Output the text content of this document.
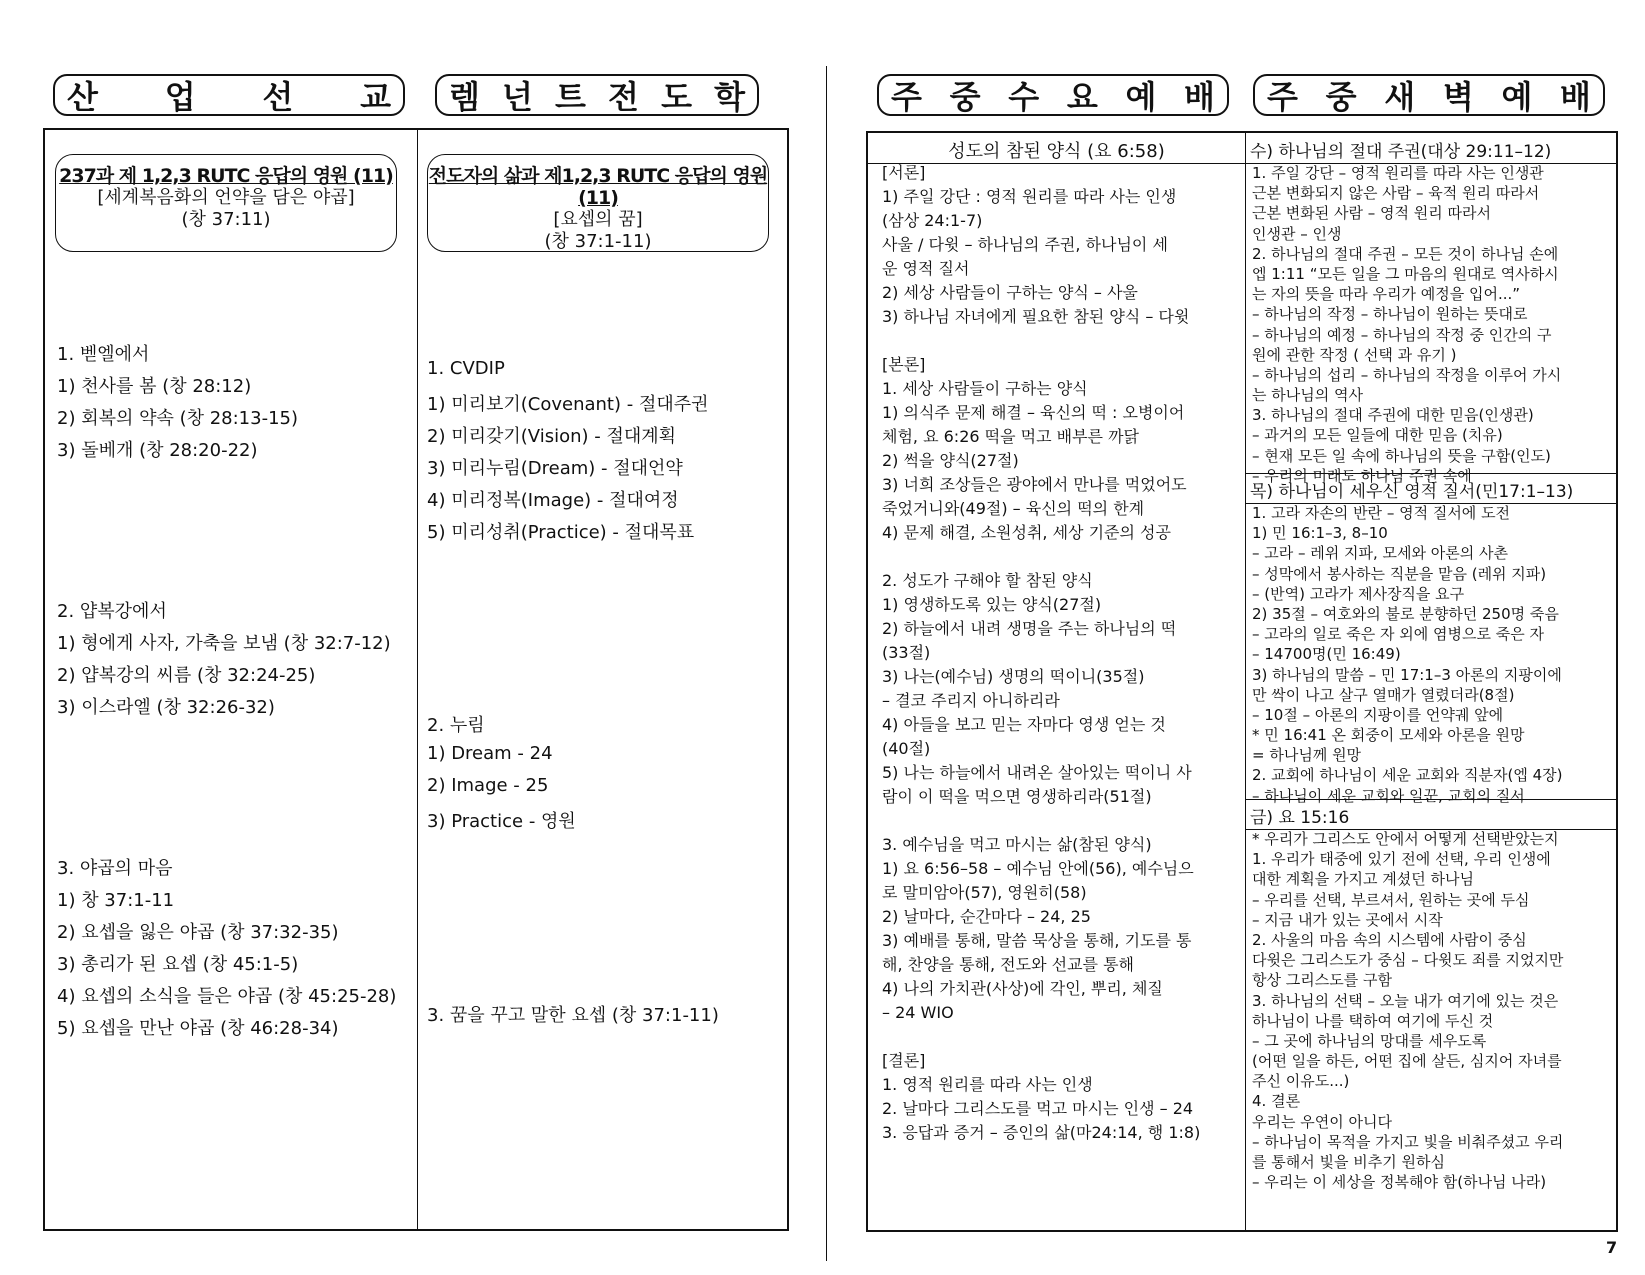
산 업 선 교 렘 넌 트 전 도 학	주 중 수 요 예 배 주 중 새 벽 예 배
237과 제 1,2,3 RUTC 응답의 영원 (11)
[세계복음화의 언약을 담은 야곱]
(창 37:11)
1. 벧엘에서
1) 천사를 봄 (창 28:12)
2) 회복의 약속 (창 28:13-15)
3) 돌베개 (창 28:20-22)
2. 얍복강에서
1) 형에게 사자, 가축을 보냄 (창 32:7-12)
2) 얍복강의 씨름 (창 32:24-25)
3) 이스라엘 (창 32:26-32)
3. 야곱의 마음
1) 창 37:1-11
2) 요셉을 잃은 야곱 (창 37:32-35)
3) 총리가 된 요셉 (창 45:1-5)
4) 요셉의 소식을 들은 야곱 (창 45:25-28)
5) 요셉을 만난 야곱 (창 46:28-34)
전도자의 삶과 제1,2,3 RUTC 응답의 영원 (11)
[요셉의 꿈]
(창 37:1-11)
1. CVDIP
1) 미리보기(Covenant) - 절대주권
2) 미리갖기(Vision) - 절대계획
3) 미리누림(Dream) - 절대언약
4) 미리정복(Image) - 절대여정
5) 미리성취(Practice) - 절대목표
2. 누림
1) Dream - 24
2) Image - 25
3) Practice - 영원
3. 꿈을 꾸고 말한 요셉 (창 37:1-11)
성도의 참된 양식 (요 6:58)
[서론]
1) 주일 강단 : 영적 원리를 따라 사는 인생
(삼상 24:1-7)
사울 / 다윗 – 하나님의 주권, 하나님이 세
운 영적 질서
2) 세상 사람들이 구하는 양식 – 사울
3) 하나님 자녀에게 필요한 참된 양식 – 다윗
[본론]
1. 세상 사람들이 구하는 양식
1) 의식주 문제 해결 – 육신의 떡 : 오병이어
체험, 요 6:26 떡을 먹고 배부른 까닭
2) 썩을 양식(27절)
3) 너희 조상들은 광야에서 만나를 먹었어도
죽었거니와(49절) – 육신의 떡의 한계
4) 문제 해결, 소원성취, 세상 기준의 성공
2. 성도가 구해야 할 참된 양식
1) 영생하도록 있는 양식(27절)
2) 하늘에서 내려 생명을 주는 하나님의 떡
(33절)
3) 나는(예수님) 생명의 떡이니(35절)
– 결코 주리지 아니하리라
4) 아들을 보고 믿는 자마다 영생 얻는 것
(40절)
5) 나는 하늘에서 내려온 살아있는 떡이니 사
람이 이 떡을 먹으면 영생하리라(51절)
3. 예수님을 먹고 마시는 삶(참된 양식)
1) 요 6:56–58 – 예수님 안에(56), 예수님으
로 말미암아(57), 영원히(58)
2) 날마다, 순간마다 – 24, 25
3) 예배를 통해, 말씀 묵상을 통해, 기도를 통
해, 찬양을 통해, 전도와 선교를 통해
4) 나의 가치관(사상)에 각인, 뿌리, 체질
– 24 WIO
[결론]
1. 영적 원리를 따라 사는 인생
2. 날마다 그리스도를 먹고 마시는 인생 – 24
3. 응답과 증거 – 증인의 삶(마24:14, 행 1:8)
수) 하나님의 절대 주권(대상 29:11–12)
1. 주일 강단 – 영적 원리를 따라 사는 인생관
근본 변화되지 않은 사람 – 육적 원리 따라서
근본 변화된 사람 – 영적 원리 따라서
인생관 – 인생
2. 하나님의 절대 주권 – 모든 것이 하나님 손에
엡 1:11 “모든 일을 그 마음의 원대로 역사하시
는 자의 뜻을 따라 우리가 예정을 입어...”
– 하나님의 작정 – 하나님이 원하는 뜻대로
– 하나님의 예정 – 하나님의 작정 중 인간의 구
원에 관한 작정 ( 선택 과 유기 )
– 하나님의 섭리 – 하나님의 작정을 이루어 가시
는 하나님의 역사
3. 하나님의 절대 주권에 대한 믿음(인생관)
– 과거의 모든 일들에 대한 믿음 (치유)
– 현재 모든 일 속에 하나님의 뜻을 구함(인도)
– 우리의 미래도 하나님 주권 속에
목) 하나님이 세우신 영적 질서(민17:1–13)
1. 고라 자손의 반란 – 영적 질서에 도전
1) 민 16:1–3, 8–10
– 고라 – 레위 지파, 모세와 아론의 사촌
– 성막에서 봉사하는 직분을 맡음 (레위 지파)
– (반역) 고라가 제사장직을 요구
2) 35절 – 여호와의 불로 분향하던 250명 죽음
– 고라의 일로 죽은 자 외에 염병으로 죽은 자
– 14700명(민 16:49)
3) 하나님의 말씀 – 민 17:1–3 아론의 지팡이에
만 싹이 나고 살구 열매가 열렸더라(8절)
– 10절 – 아론의 지팡이를 언약궤 앞에
* 민 16:41 온 회중이 모세와 아론을 원망
= 하나님께 원망
2. 교회에 하나님이 세운 교회와 직분자(엡 4장)
– 하나님이 세운 교회와 일꾼, 교회의 질서
금) 요 15:16
* 우리가 그리스도 안에서 어떻게 선택받았는지
1. 우리가 태중에 있기 전에 선택, 우리 인생에
대한 계획을 가지고 계셨던 하나님
– 우리를 선택, 부르셔서, 원하는 곳에 두심
– 지금 내가 있는 곳에서 시작
2. 사울의 마음 속의 시스템에 사람이 중심
다윗은 그리스도가 중심 – 다윗도 죄를 지었지만
항상 그리스도를 구함
3. 하나님의 선택 – 오늘 내가 여기에 있는 것은
하나님이 나를 택하여 여기에 두신 것
– 그 곳에 하나님의 망대를 세우도록
(어떤 일을 하든, 어떤 집에 살든, 심지어 자녀를
주신 이유도...)
4. 결론
우리는 우연이 아니다
– 하나님이 목적을 가지고 빛을 비춰주셨고 우리
를 통해서 빛을 비추기 원하심
– 우리는 이 세상을 정복해야 함(하나님 나라)
7
